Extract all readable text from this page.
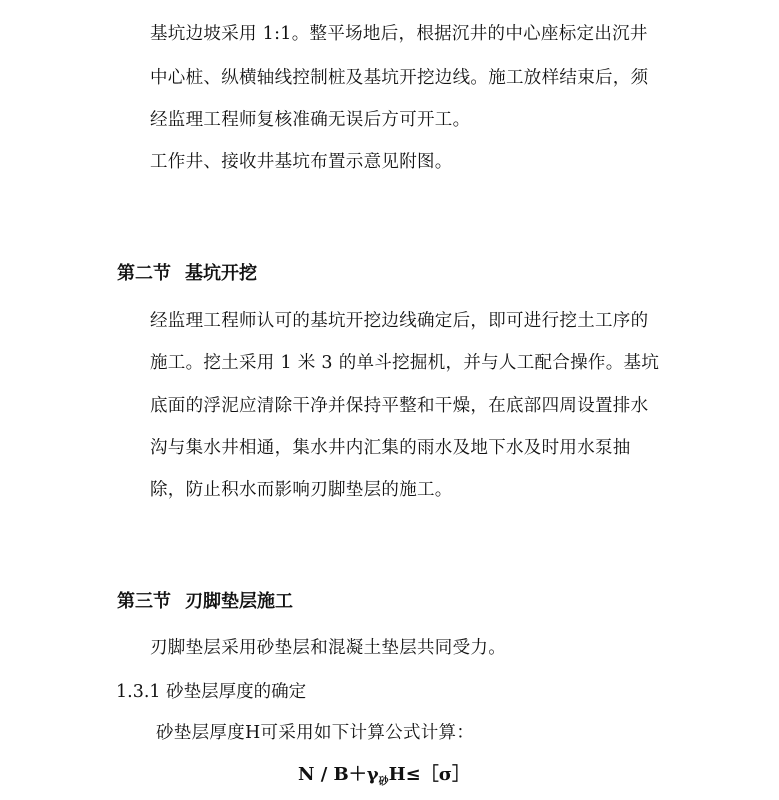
基坑边坡采用 1:1。整平场地后，根据沉井的中心座标定出沉井
中心桩、纵横轴线控制桩及基坑开挖边线。施工放样结束后，须
经监理工程师复核准确无误后方可开工。
工作井、接收井基坑布置示意见附图。
第二节 基坑开挖
经监理工程师认可的基坑开挖边线确定后，即可进行挖土工序的
施工。挖土采用 1 米 3 的单斗挖掘机，并与人工配合操作。基坑
底面的浮泥应清除干净并保持平整和干燥，在底部四周设置排水
沟与集水井相通，集水井内汇集的雨水及地下水及时用水泵抽
除，防止积水而影响刃脚垫层的施工。
第三节 刃脚垫层施工
刃脚垫层采用砂垫层和混凝土垫层共同受力。
1.3.1 砂垫层厚度的确定
砂垫层厚度H可采用如下计算公式计算：
$N / B+\gamma_砂H\le[\sigma]$
